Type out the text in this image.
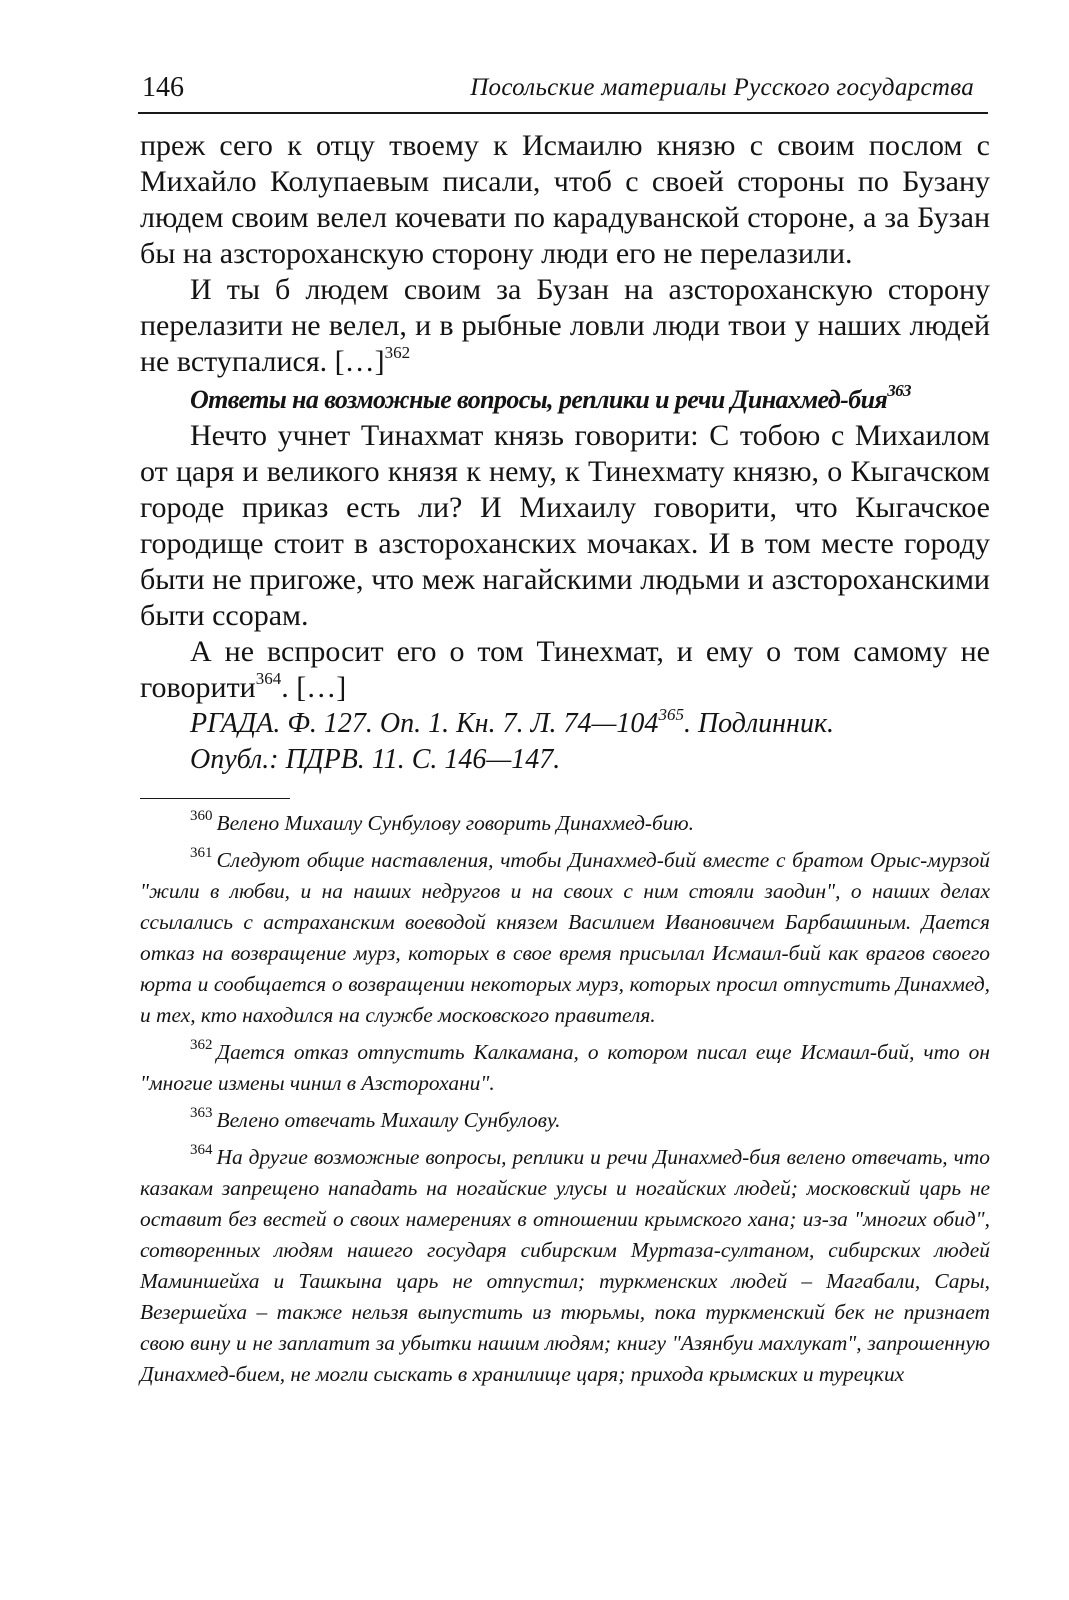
146	Посольские материалы Русского государства

преж сего к отцу твоему к Исмаилю князю с своим послом с Михайло Колупаевым писали, чтоб с своей стороны по Бузану людем своим велел кочевати по карадуванской стороне, а за Бузан бы на азстороханскую сторону люди его не перелазили.

И ты б людем своим за Бузан на азстороханскую сторону перелазити не велел, и в рыбные ловли люди твои у наших людей не вступалися. […]$^{362}$

Ответы на возможные вопросы, реплики и речи Динахмед-бия$^{363}$

Нечто учнет Тинахмат князь говорити: С тобою с Михаилом от царя и великого князя к нему, к Тинехмату князю, о Кыгачском городе приказ есть ли? И Михаилу говорити, что Кыгачское городище стоит в азстороханских мочаках. И в том месте городу быти не пригоже, что меж нагайскими людьми и азстороханскими быти ссорам.

А не вспросит его о том Тинехмат, и ему о том самому не говорити$^{364}$. […]

РГАДА. Ф. 127. Оп. 1. Кн. 7. Л. $74—104^{365}$. Подлинник.

Опубл.: ПДРВ. 11. С. 146—147.

$^{360}$ Велено Михаилу Сунбулову говорить Динахмед-бию.

$^{361}$ Следуют общие наставления, чтобы Динахмед-бий вместе с братом Орыс-мурзой "жили в любви, и на наших недругов и на своих с ним стояли заодин", о наших делах ссылались с астраханским воеводой князем Василием Ивановичем Барбашиным. Дается отказ на возвращение мурз, которых в свое время присылал Исмаил-бий как врагов своего юрта и сообщается о возвращении некоторых мурз, которых просил отпустить Динахмед, и тех, кто находился на службе московского правителя.

$^{362}$ Дается отказ отпустить Калкамана, о котором писал еще Исмаил-бий, что он "многие измены чинил в Азсторохани".

$^{363}$ Велено отвечать Михаилу Сунбулову.

$^{364}$ На другие возможные вопросы, реплики и речи Динахмед-бия велено отвечать, что казакам запрещено нападать на ногайские улусы и ногайских людей; московский царь не оставит без вестей о своих намерениях в отношении крымского хана; из-за "многих обид", сотворенных людям нашего государя сибирским Муртаза-султаном, сибирских людей Маминшейха и Ташкына царь не отпустил; туркменских людей – Магабали, Сары, Везершейха – также нельзя выпустить из тюрьмы, пока туркменский бек не признает свою вину и не заплатит за убытки нашим людям; книгу "Азянбуи махлукат", запрошенную Динахмед-бием, не могли сыскать в хранилище царя; прихода крымских и турецких
